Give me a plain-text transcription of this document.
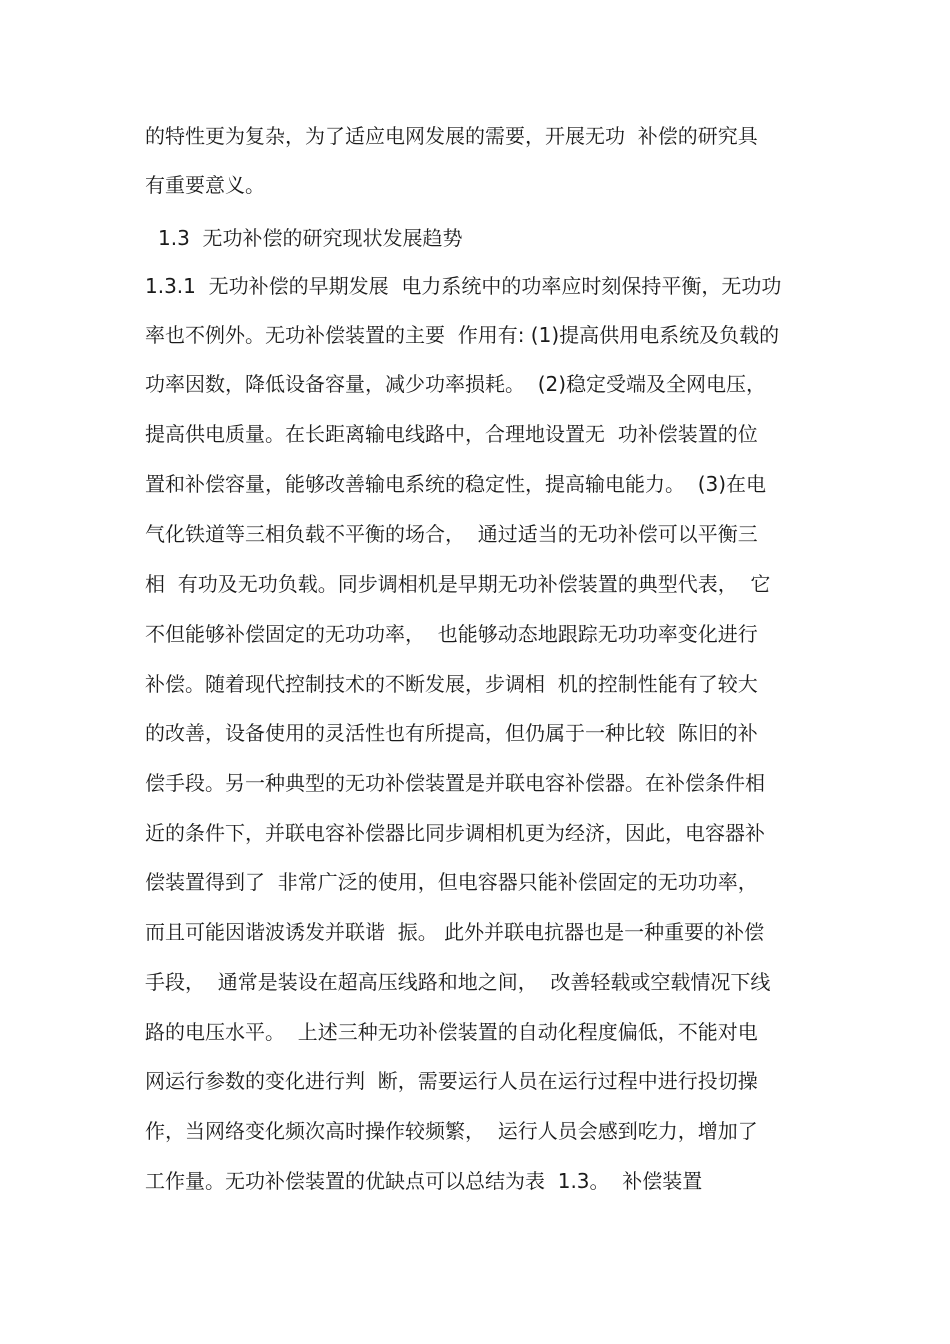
的特性更为复杂，为了适应电网发展的需要，开展无功  补偿的研究具
有重要意义。
1.3  无功补偿的研究现状发展趋势
1.3.1  无功补偿的早期发展  电力系统中的功率应时刻保持平衡，无功功
率也不例外。无功补偿装置的主要  作用有: (1)提高供用电系统及负载的
功率因数，降低设备容量，减少功率损耗。  (2)稳定受端及全网电压，
提高供电质量。在长距离输电线路中，合理地设置无  功补偿装置的位
置和补偿容量，能够改善输电系统的稳定性，提高输电能力。  (3)在电
气化铁道等三相负载不平衡的场合，  通过适当的无功补偿可以平衡三
相  有功及无功负载。同步调相机是早期无功补偿装置的典型代表，  它
不但能够补偿固定的无功功率，  也能够动态地跟踪无功功率变化进行
补偿。随着现代控制技术的不断发展，步调相  机的控制性能有了较大
的改善，设备使用的灵活性也有所提高，但仍属于一种比较  陈旧的补
偿手段。另一种典型的无功补偿装置是并联电容补偿器。在补偿条件相
近的条件下，并联电容补偿器比同步调相机更为经济，因此，电容器补
偿装置得到了  非常广泛的使用，但电容器只能补偿固定的无功功率，
而且可能因谐波诱发并联谐  振。 此外并联电抗器也是一种重要的补偿
手段，  通常是装设在超高压线路和地之间，  改善轻载或空载情况下线
路的电压水平。  上述三种无功补偿装置的自动化程度偏低，不能对电
网运行参数的变化进行判  断，需要运行人员在运行过程中进行投切操
作，当网络变化频次高时操作较频繁，  运行人员会感到吃力，增加了
工作量。无功补偿装置的优缺点可以总结为表  1.3。  补偿装置
